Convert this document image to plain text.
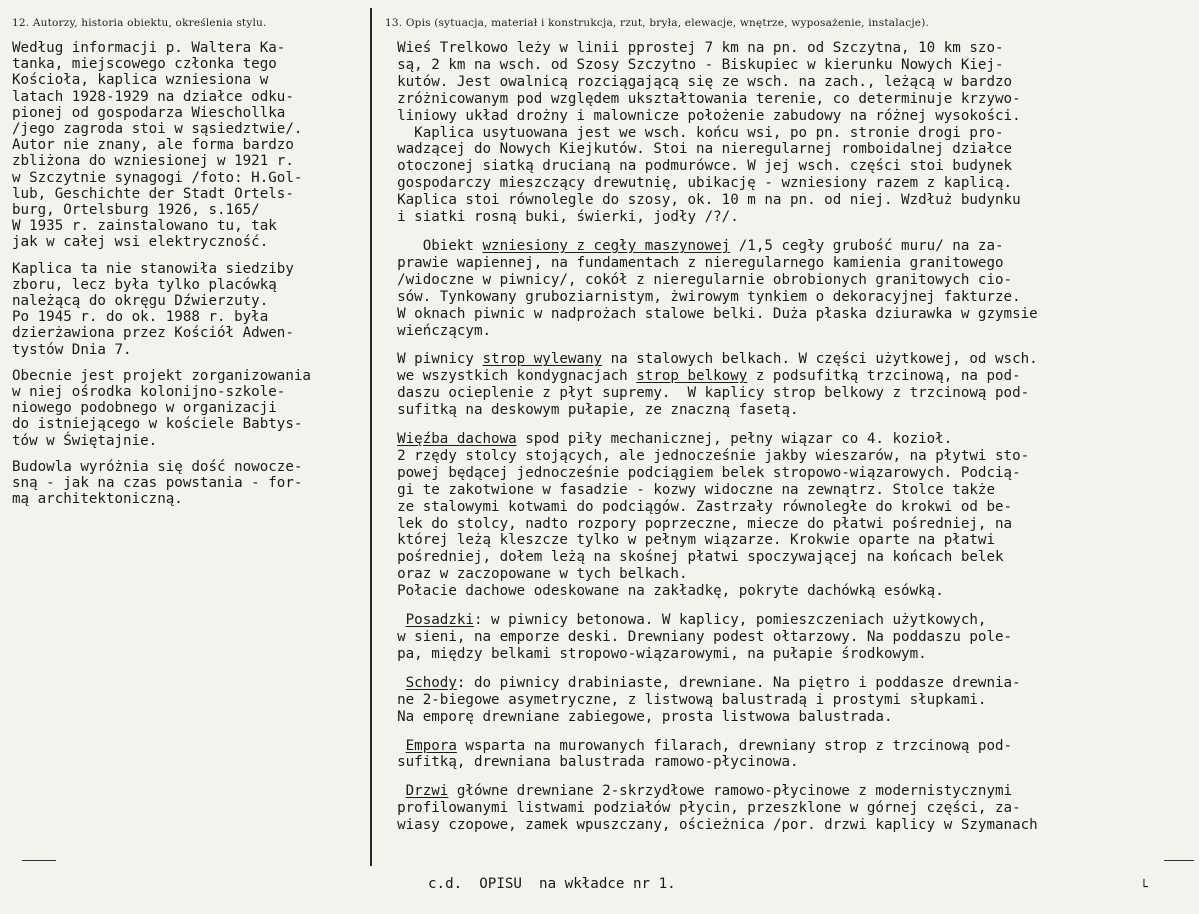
12. Autorzy, historia obiektu, określenia stylu.	13. Opis (sytuacja, materiał i konstrukcja, rzut, bryła, elewacje, wnętrze, wyposażenie, instalacje).
Według informacji p. Waltera Ka-
tanka, miejscowego członka tego
Kościoła, kaplica wzniesiona w
latach 1928-1929 na działce odku-
pionej od gospodarza Wieschollka
/jego zagroda stoi w sąsiedztwie/.
Autor nie znany, ale forma bardzo
zbliżona do wzniesionej w 1921 r.
w Szczytnie synagogi /foto: H.Gol-
lub, Geschichte der Stadt Ortels-
burg, Ortelsburg 1926, s.165/
W 1935 r. zainstalowano tu, tak
jak w całej wsi elektryczność.
Kaplica ta nie stanowiła siedziby
zboru, lecz była tylko placówką
należącą do okręgu Dźwierzuty.
Po 1945 r. do ok. 1988 r. była
dzierżawiona przez Kościół Adwen-
tystów Dnia 7.
Obecnie jest projekt zorganizowania
w niej ośrodka kolonijno-szkole-
niowego podobnego w organizacji
do istniejącego w kościele Babtys-
tów w Świętajnie.
Budowla wyróżnia się dość nowocze-
sną - jak na czas powstania - for-
mą architektoniczną.
Wieś Trelkowo leży w linii pprostej 7 km na pn. od Szczytna, 10 km szo-
są, 2 km na wsch. od Szosy Szczytno - Biskupiec w kierunku Nowych Kiej-
kutów. Jest owalnicą rozciągającą się ze wsch. na zach., leżącą w bardzo
zróżnicowanym pod względem ukształtowania terenie, co determinuje krzywo-
liniowy układ drożny i malownicze położenie zabudowy na różnej wysokości.
Kaplica usytuowana jest we wsch. końcu wsi, po pn. stronie drogi pro-
wadzącej do Nowych Kiejkutów. Stoi na nieregularnej romboidalnej działce
otoczonej siatką drucianą na podmurówce. W jej wsch. części stoi budynek
gospodarczy mieszczący drewutnię, ubikację - wzniesiony razem z kaplicą.
Kaplica stoi równolegle do szosy, ok. 10 m na pn. od niej. Wzdłuż budynku
i siatki rosną buki, świerki, jodły /?/.
Obiekt wzniesiony z cegły maszynowej /1,5 cegły grubość muru/ na za-
prawie wapiennej, na fundamentach z nieregularnego kamienia granitowego
/widoczne w piwnicy/, cokół z nieregularnie obrobionych granitowych cio-
sów. Tynkowany gruboziarnistym, żwirowym tynkiem o dekoracyjnej fakturze.
W oknach piwnic w nadprożach stalowe belki. Duża płaska dziurawka w gzymsie
wieńczącym.
W piwnicy strop wylewany na stalowych belkach. W części użytkowej, od wsch.
we wszystkich kondygnacjach strop belkowy z podsufitką trzcinową, na pod-
daszu ocieplenie z płyt supremy.  W kaplicy strop belkowy z trzcinową pod-
sufitką na deskowym pułapie, ze znaczną fasetą.
Więźba dachowa spod piły mechanicznej, pełny wiązar co 4. kozioł.
2 rzędy stolcy stojących, ale jednocześnie jakby wieszarów, na płytwi sto-
powej będącej jednocześnie podciągiem belek stropowo-wiązarowych. Podcią-
gi te zakotwione w fasadzie - kozwy widoczne na zewnątrz. Stolce także
ze stalowymi kotwami do podciągów. Zastrzały równoległe do krokwi od be-
lek do stolcy, nadto rozpory poprzeczne, miecze do płatwi pośredniej, na
której leżą kleszcze tylko w pełnym wiązarze. Krokwie oparte na płatwi
pośredniej, dołem leżą na skośnej płatwi spoczywającej na końcach belek
oraz w zaczopowane w tych belkach.
Połacie dachowe odeskowane na zakładkę, pokryte dachówką esówką.
Posadzki: w piwnicy betonowa. W kaplicy, pomieszczeniach użytkowych,
w sieni, na emporze deski. Drewniany podest ołtarzowy. Na poddaszu pole-
pa, między belkami stropowo-wiązarowymi, na pułapie środkowym.
Schody: do piwnicy drabiniaste, drewniane. Na piętro i poddasze drewnia-
ne 2-biegowe asymetryczne, z listwową balustradą i prostymi słupkami.
Na emporę drewniane zabiegowe, prosta listwowa balustrada.
Empora wsparta na murowanych filarach, drewniany strop z trzcinową pod-
sufitką, drewniana balustrada ramowo-płycinowa.
Drzwi główne drewniane 2-skrzydłowe ramowo-płycinowe z modernistycznymi
profilowanymi listwami podziałów płycin, przeszklone w górnej części, za-
wiasy czopowe, zamek wpuszczany, ościeżnica /por. drzwi kaplicy w Szymanach
c.d.  OPISU  na wkładce nr 1.	└
